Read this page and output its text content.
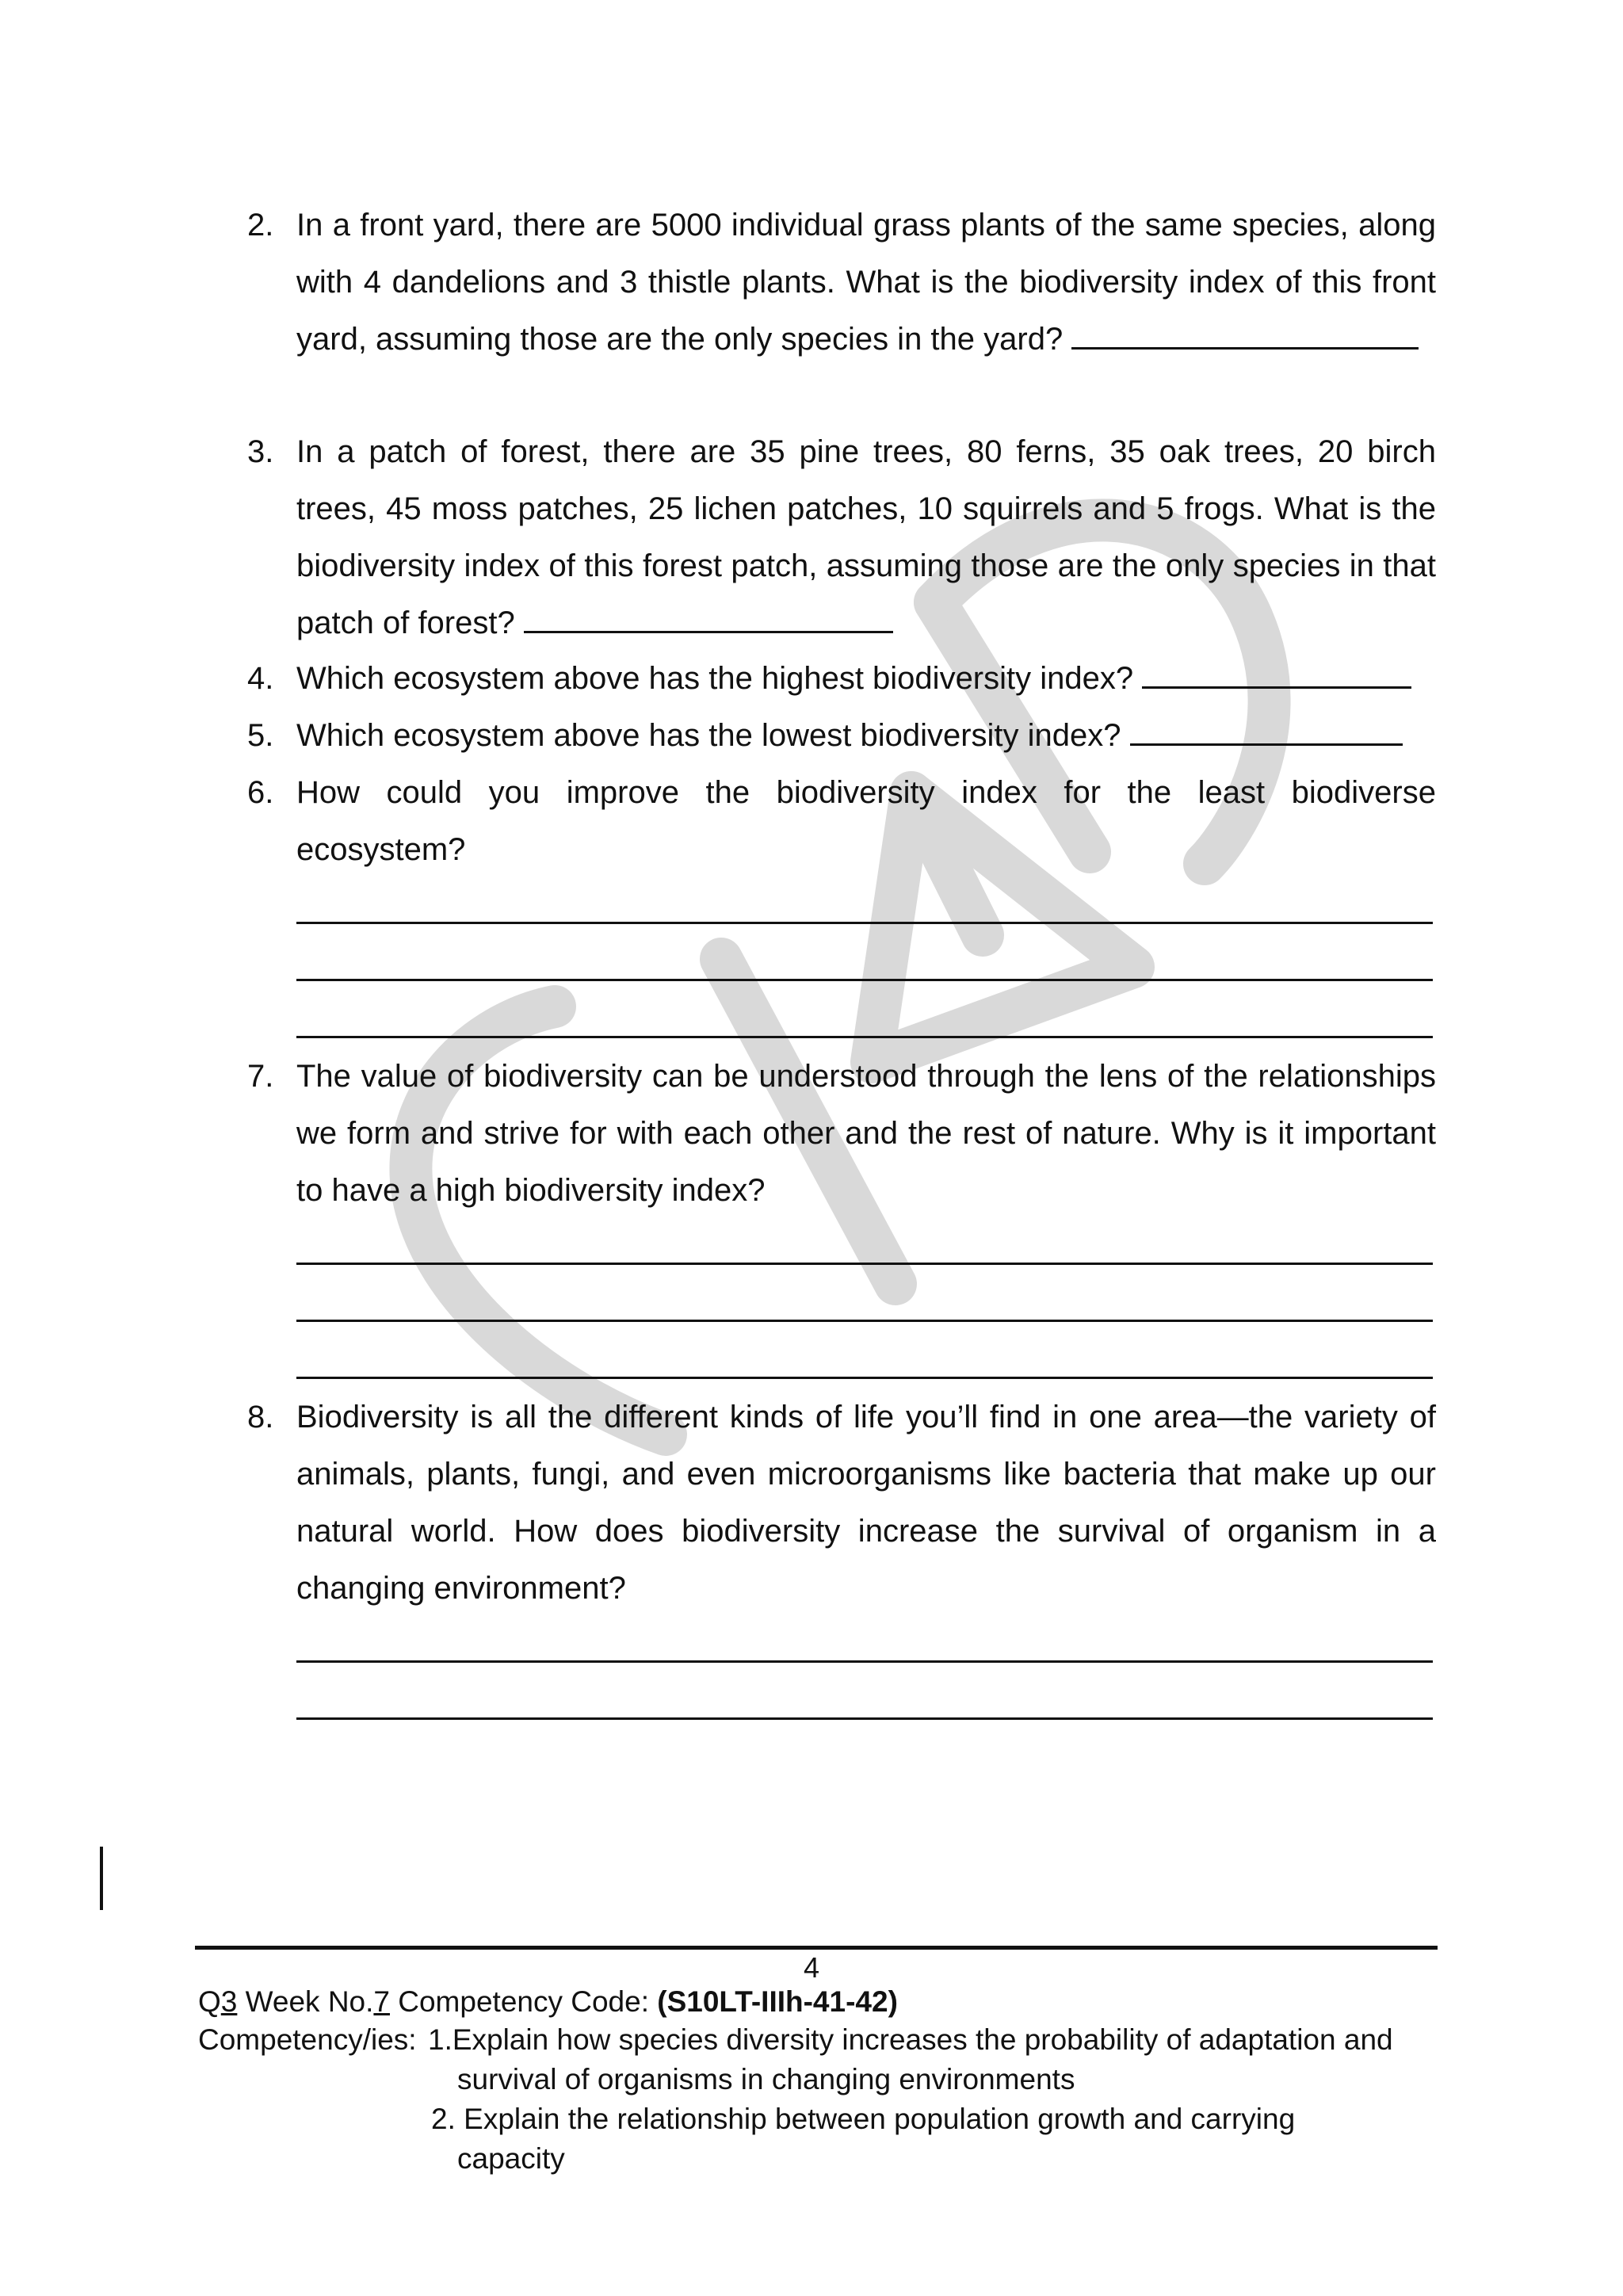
2. In a front yard, there are 5000 individual grass plants of the same species, along with 4 dandelions and 3 thistle plants. What is the biodiversity index of this front yard, assuming those are the only species in the yard?
3. In a patch of forest, there are 35 pine trees, 80 ferns, 35 oak trees, 20 birch trees, 45 moss patches, 25 lichen patches, 10 squirrels and 5 frogs. What is the biodiversity index of this forest patch, assuming those are the only species in that patch of forest?
4. Which ecosystem above has the highest biodiversity index?
5. Which ecosystem above has the lowest biodiversity index?
6. How could you improve the biodiversity index for the least biodiverse ecosystem?
7. The value of biodiversity can be understood through the lens of the relationships we form and strive for with each other and the rest of nature. Why is it important to have a high biodiversity index?
8. Biodiversity is all the different kinds of life you’ll find in one area—the variety of animals, plants, fungi, and even microorganisms like bacteria that make up our natural world. How does biodiversity increase the survival of organism in a changing environment?
4
Q3 Week No.7 Competency Code: (S10LT-IIIh-41-42)
Competency/ies: 1.Explain how species diversity increases the probability of adaptation and
survival of organisms in changing environments
2. Explain the relationship between population growth and carrying
capacity
